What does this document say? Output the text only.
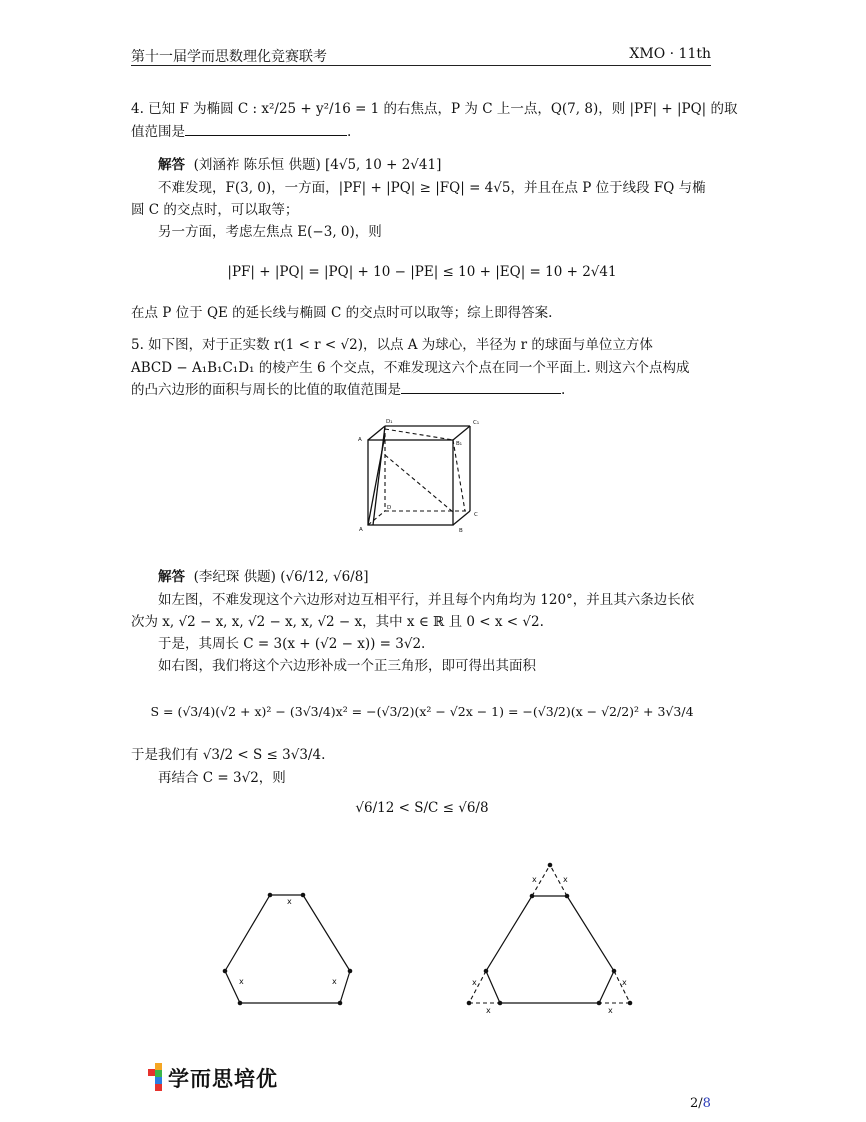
第十一届学而思数理化竞赛联考	XMO · 11th
4. 已知 F 为椭圆 C : x²/25 + y²/16 = 1 的右焦点，P 为 C 上一点，Q(7, 8)，则 |PF| + |PQ| 的取
值范围是	.
解答 (刘涵祚 陈乐恒 供题) [4√5, 10 + 2√41]
不难发现，F(3, 0)，一方面，|PF| + |PQ| ≥ |FQ| = 4√5，并且在点 P 位于线段 FQ 与椭
圆 C 的交点时，可以取等；
另一方面，考虑左焦点 E(−3, 0)，则
|PF| + |PQ| = |PQ| + 10 − |PE| ≤ 10 + |EQ| = 10 + 2√41
在点 P 位于 QE 的延长线与椭圆 C 的交点时可以取等；综上即得答案.
5. 如下图，对于正实数 r(1 < r < √2)，以点 A 为球心，半径为 r 的球面与单位立方体
ABCD − A₁B₁C₁D₁ 的棱产生 6 个交点，不难发现这六个点在同一个平面上. 则这六个点构成
的凸六边形的面积与周长的比值的取值范围是	.
A
D₁	C₁
B₁
D
A	B
C
解答 (李纪琛 供题) (√6/12, √6/8]
如左图，不难发现这个六边形对边互相平行，并且每个内角均为 120°，并且其六条边长依
次为 x, √2 − x, x, √2 − x, x, √2 − x，其中 x ∈ ℝ 且 0 < x < √2.
于是，其周长 C = 3(x + (√2 − x)) = 3√2.
如右图，我们将这个六边形补成一个正三角形，即可得出其面积
S = (√3/4)(√2 + x)² − (3√3/4)x² = −(√3/2)(x² − √2x − 1) = −(√3/2)(x − √2/2)² + 3√3/4
于是我们有 √3/2 < S ≤ 3√3/4.
再结合 C = 3√2，则
√6/12 < S/C ≤ √6/8
x
x	x
x	x
x
x
x
x
学而思培优
2/8
